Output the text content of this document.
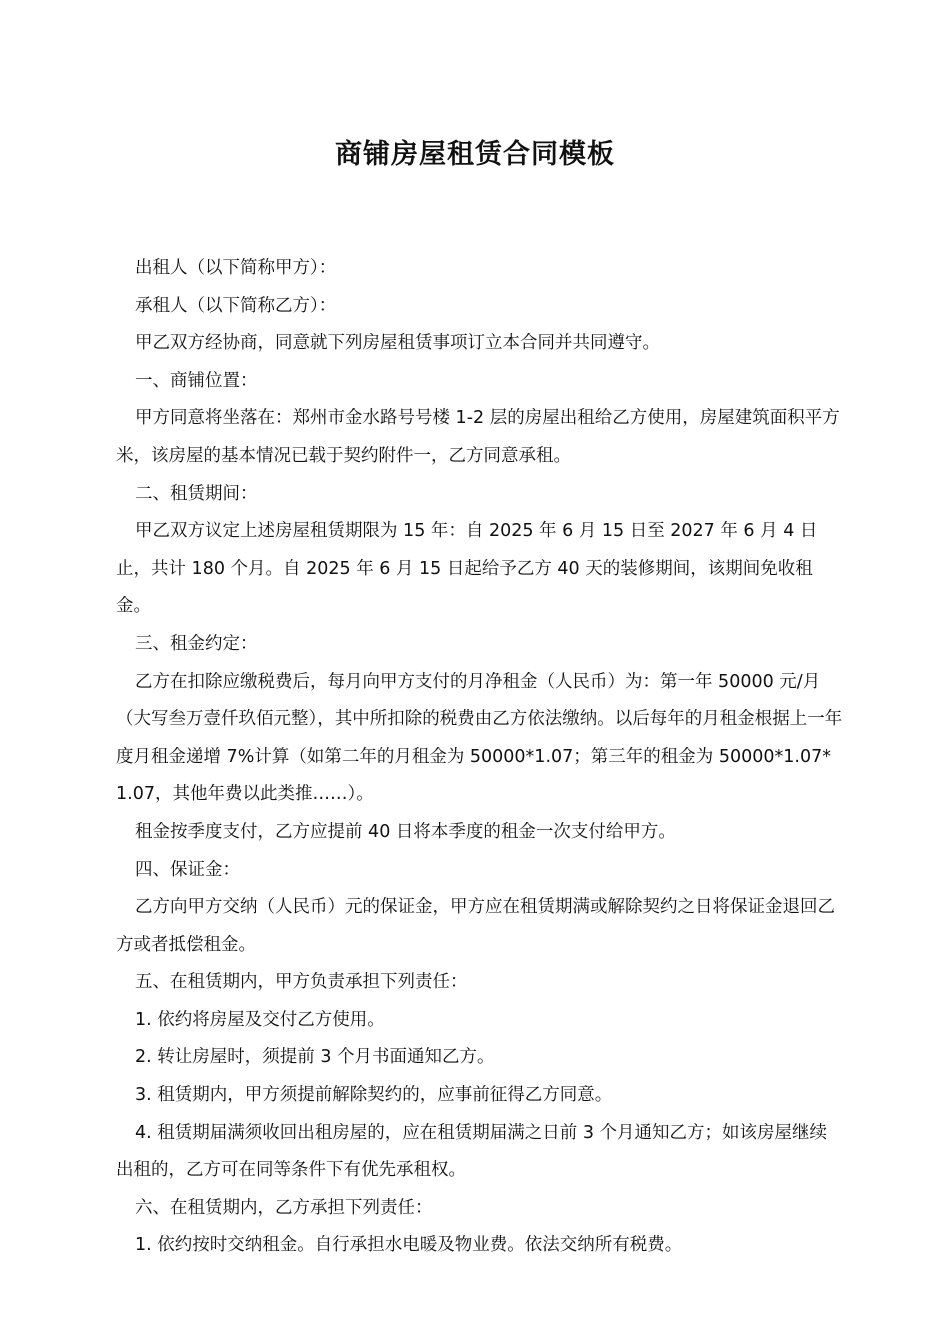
商铺房屋租赁合同模板

出租人（以下简称甲方）：

承租人（以下简称乙方）：

甲乙双方经协商，同意就下列房屋租赁事项订立本合同并共同遵守。

一、商铺位置：

甲方同意将坐落在：郑州市金水路号号楼 1-2 层的房屋出租给乙方使用，房屋建筑面积平方米，该房屋的基本情况已载于契约附件一，乙方同意承租。

二、租赁期间：

甲乙双方议定上述房屋租赁期限为 15 年：自 2025 年 6 月 15 日至 2027 年 6 月 4 日止，共计 180 个月。自 2025 年 6 月 15 日起给予乙方 40 天的装修期间，该期间免收租金。

三、租金约定：

乙方在扣除应缴税费后，每月向甲方支付的月净租金（人民币）为：第一年 50000 元/月（大写叁万壹仟玖佰元整），其中所扣除的税费由乙方依法缴纳。以后每年的月租金根据上一年度月租金递增 7%计算（如第二年的月租金为 50000*1.07；第三年的租金为 50000*1.07*1.07，其他年费以此类推……）。

租金按季度支付，乙方应提前 40 日将本季度的租金一次支付给甲方。

四、保证金：

乙方向甲方交纳（人民币）元的保证金，甲方应在租赁期满或解除契约之日将保证金退回乙方或者抵偿租金。

五、在租赁期内，甲方负责承担下列责任：

1. 依约将房屋及交付乙方使用。

2. 转让房屋时，须提前 3 个月书面通知乙方。

3. 租赁期内，甲方须提前解除契约的，应事前征得乙方同意。

4. 租赁期届满须收回出租房屋的，应在租赁期届满之日前 3 个月通知乙方；如该房屋继续出租的，乙方可在同等条件下有优先承租权。

六、在租赁期内，乙方承担下列责任：

1. 依约按时交纳租金。自行承担水电暖及物业费。依法交纳所有税费。
